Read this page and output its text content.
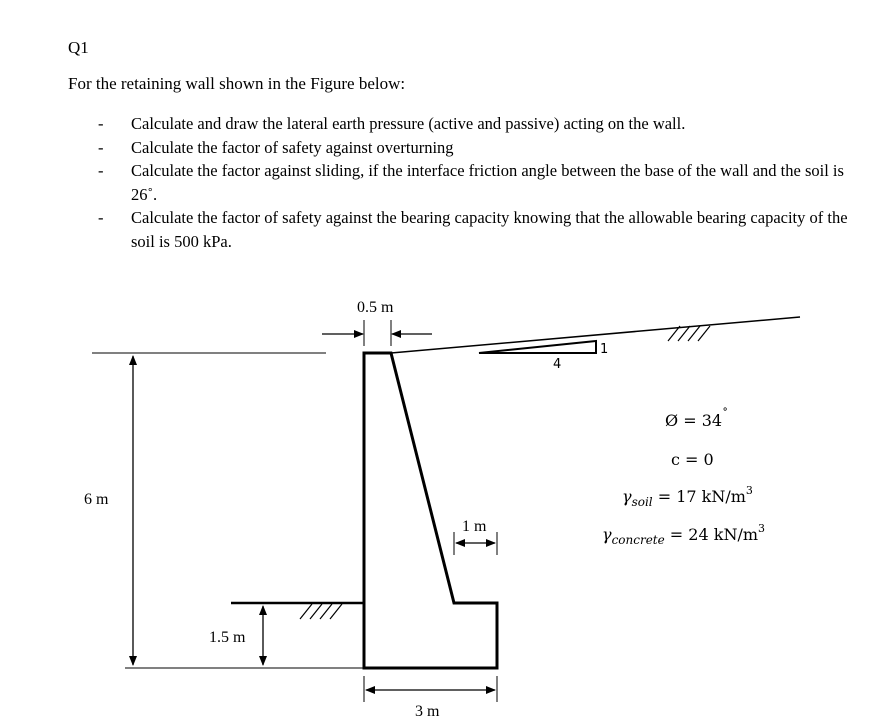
Q1
For the retaining wall shown in the Figure below:
- Calculate and draw the lateral earth pressure (active and passive) acting on the wall.
- Calculate the factor of safety against overturning
- Calculate the factor against sliding, if the interface friction angle between the base of the wall and the soil is 26˚.
- Calculate the factor of safety against the bearing capacity knowing that the allowable bearing capacity of the soil is 500 kPa.
0.5 m
1
4
6 m
1.5 m
1 m
3 m
Ø = 34˚
c = 0
$\gamma_{soil} = 17$ $kN/m^3$
$\gamma_{concrete} = 24$ $kN/m^3$
